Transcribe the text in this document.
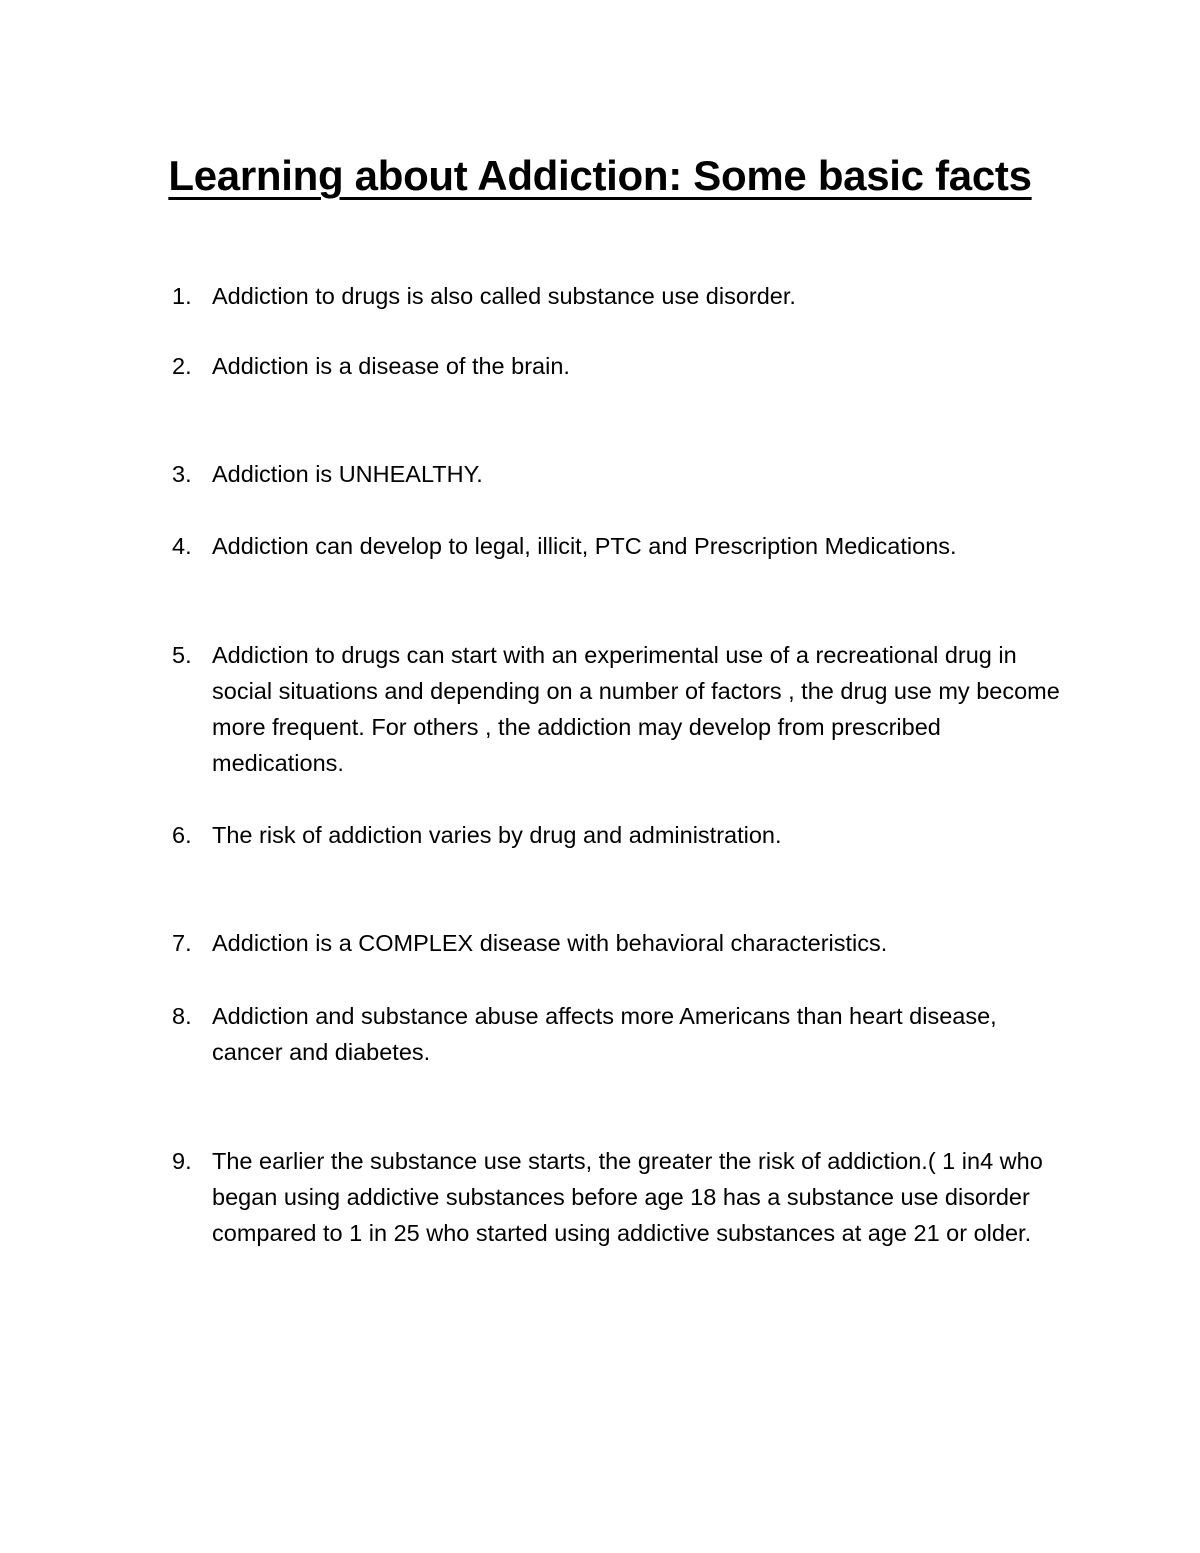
Learning about Addiction: Some basic facts
1. Addiction to drugs is also called substance use disorder.
2. Addiction is a disease of the brain.
3. Addiction is UNHEALTHY.
4. Addiction can develop to legal, illicit, PTC and Prescription Medications.
5. Addiction to drugs can start with an experimental use of a recreational drug in social situations and depending on a number of factors , the drug use my become more frequent. For others , the addiction may develop from prescribed medications.
6. The risk of addiction varies by drug and administration.
7. Addiction is a COMPLEX disease with behavioral characteristics.
8. Addiction and substance abuse affects more Americans than heart disease, cancer and diabetes.
9. The earlier the substance use starts, the greater the risk of addiction.( 1 in4 who began using addictive substances before age 18 has a substance use disorder compared to 1 in 25 who started using addictive substances at age 21 or older.
